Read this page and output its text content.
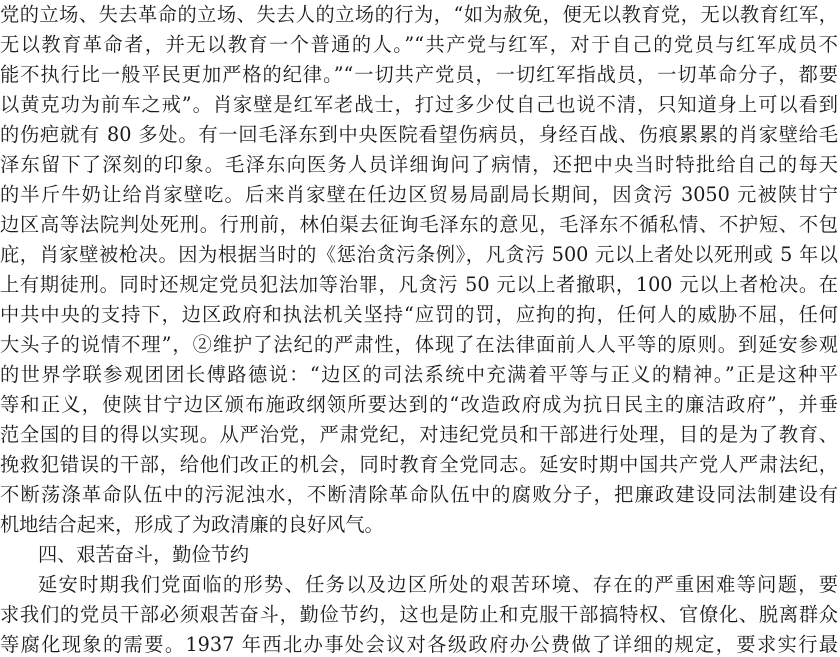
党的立场、失去革命的立场、失去人的立场的行为，“如为赦免，便无以教育党，无以教育红军，
无以教育革命者，并无以教育一个普通的人。”“共产党与红军，对于自己的党员与红军成员不
能不执行比一般平民更加严格的纪律。”“一切共产党员，一切红军指战员，一切革命分子，都要
以黄克功为前车之戒”。肖家壁是红军老战士，打过多少仗自己也说不清，只知道身上可以看到
的伤疤就有 80 多处。有一回毛泽东到中央医院看望伤病员，身经百战、伤痕累累的肖家壁给毛
泽东留下了深刻的印象。毛泽东向医务人员详细询问了病情，还把中央当时特批给自己的每天
的半斤牛奶让给肖家壁吃。后来肖家壁在任边区贸易局副局长期间，因贪污 3050 元被陕甘宁
边区高等法院判处死刑。行刑前，林伯渠去征询毛泽东的意见，毛泽东不循私情、不护短、不包
庇，肖家壁被枪决。因为根据当时的《惩治贪污条例》，凡贪污 500 元以上者处以死刑或 5 年以
上有期徒刑。同时还规定党员犯法加等治罪，凡贪污 50 元以上者撤职，100 元以上者枪决。在
中共中央的支持下，边区政府和执法机关坚持“应罚的罚，应拘的拘，任何人的威胁不屈，任何
大头子的说情不理”，②维护了法纪的严肃性，体现了在法律面前人人平等的原则。到延安参观
的世界学联参观团团长傅路德说：“边区的司法系统中充满着平等与正义的精神。”正是这种平
等和正义，使陕甘宁边区颁布施政纲领所要达到的“改造政府成为抗日民主的廉洁政府”，并垂
范全国的目的得以实现。从严治党，严肃党纪，对违纪党员和干部进行处理，目的是为了教育、
挽救犯错误的干部，给他们改正的机会，同时教育全党同志。延安时期中国共产党人严肃法纪，
不断荡涤革命队伍中的污泥浊水，不断清除革命队伍中的腐败分子，把廉政建设同法制建设有
机地结合起来，形成了为政清廉的良好风气。
四、艰苦奋斗，勤俭节约
延安时期我们党面临的形势、任务以及边区所处的艰苦环境、存在的严重困难等问题，要
求我们的党员干部必须艰苦奋斗，勤俭节约，这也是防止和克服干部搞特权、官僚化、脱离群众
等腐化现象的需要。1937 年西北办事处会议对各级政府办公费做了详细的规定，要求实行最
